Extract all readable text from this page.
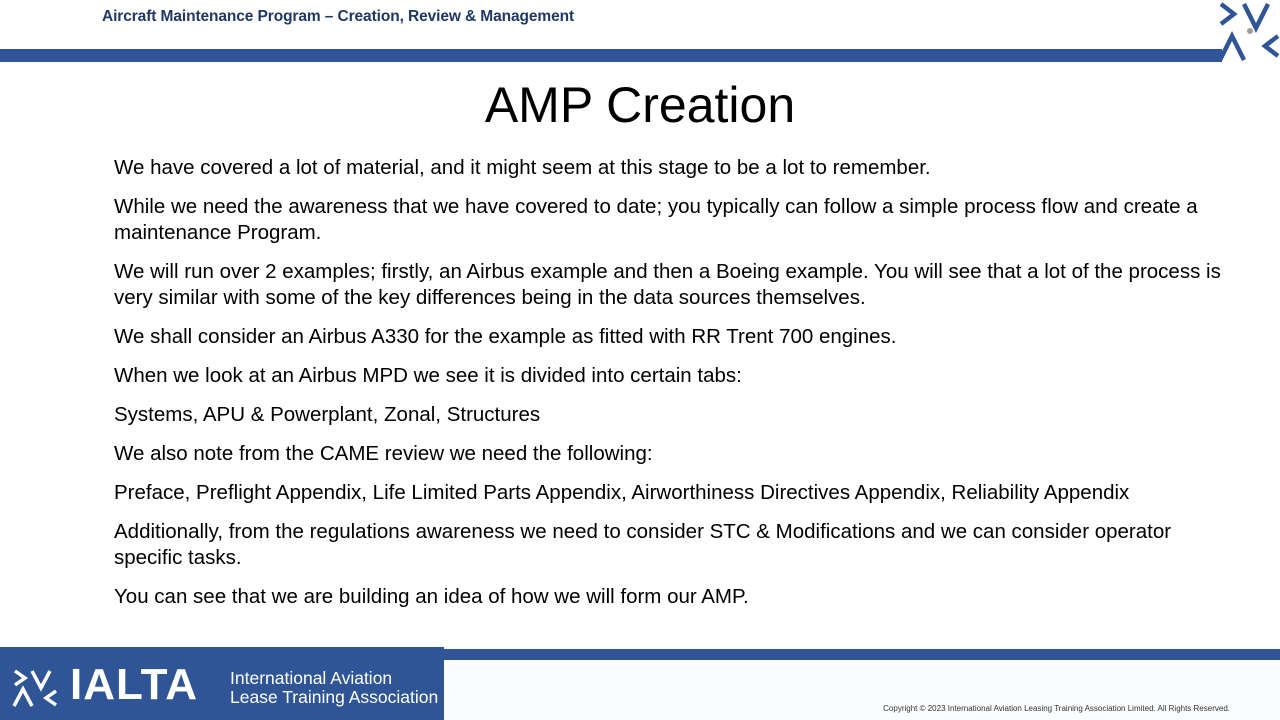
Aircraft Maintenance Program – Creation, Review & Management
AMP Creation

We have covered a lot of material, and it might seem at this stage to be a lot to remember.

While we need the awareness that we have covered to date; you typically can follow a simple process flow and create a maintenance Program.

We will run over 2 examples; firstly, an Airbus example and then a Boeing example. You will see that a lot of the process is very similar with some of the key differences being in the data sources themselves.

We shall consider an Airbus A330 for the example as fitted with RR Trent 700 engines.

When we look at an Airbus MPD we see it is divided into certain tabs:

Systems, APU & Powerplant, Zonal, Structures

We also note from the CAME review we need the following:

Preface, Preflight Appendix, Life Limited Parts Appendix, Airworthiness Directives Appendix, Reliability Appendix

Additionally, from the regulations awareness we need to consider STC & Modifications and we can consider operator specific tasks.

You can see that we are building an idea of how we will form our AMP.

IALTA International Aviation
Lease Training Association
Copyright © 2023 International Aviation Leasing Training Association Limited. All Rights Reserved.
